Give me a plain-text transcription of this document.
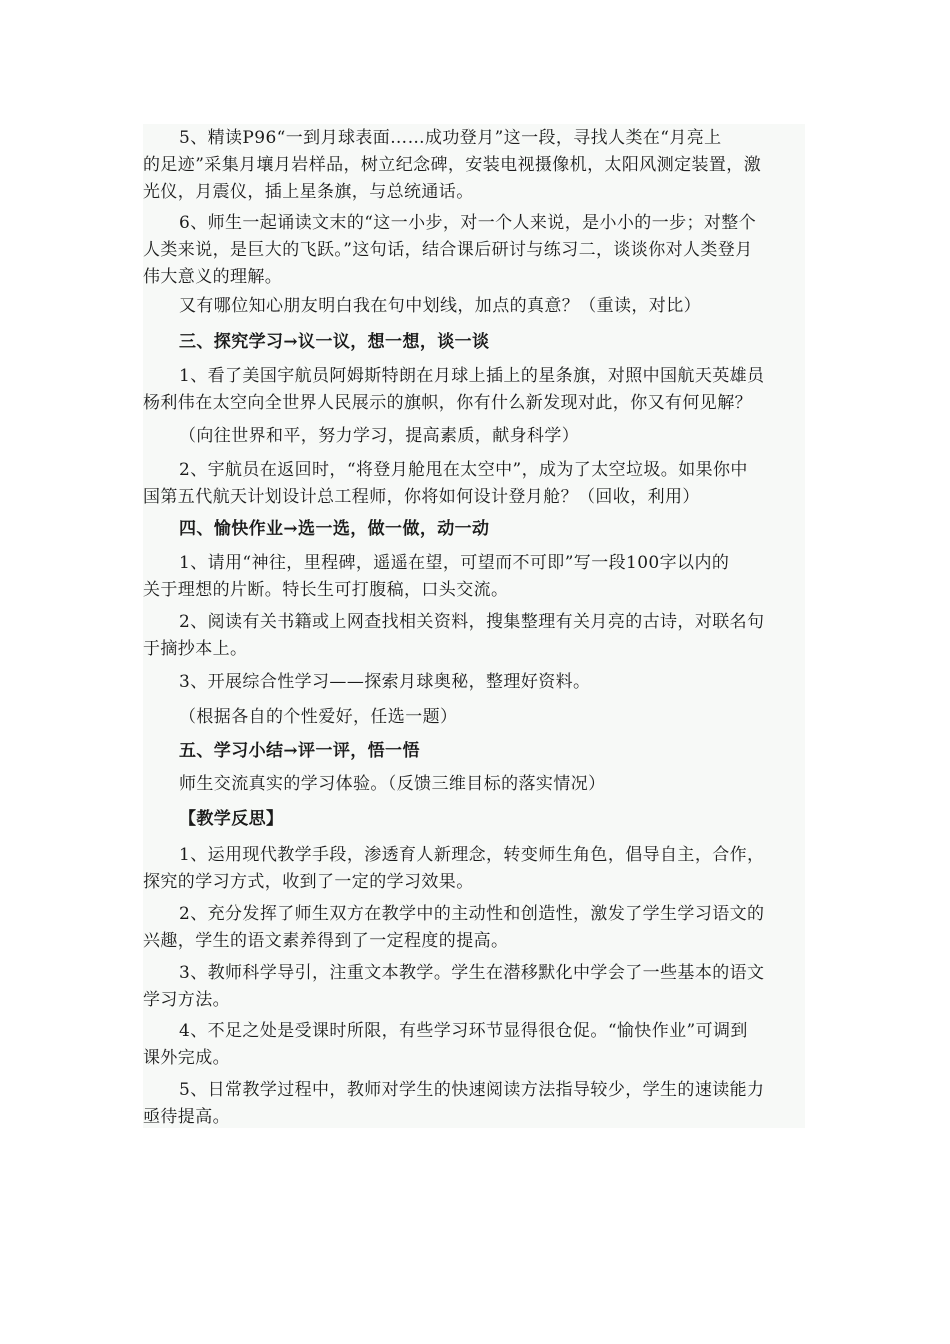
5、精读P96“一到月球表面……成功登月”这一段，寻找人类在“月亮上
的足迹”采集月壤月岩样品，树立纪念碑，安装电视摄像机，太阳风测定装置，激
光仪，月震仪，插上星条旗，与总统通话。
6、师生一起诵读文末的“这一小步，对一个人来说，是小小的一步；对整个
人类来说，是巨大的飞跃。”这句话，结合课后研讨与练习二，谈谈你对人类登月
伟大意义的理解。
又有哪位知心朋友明白我在句中划线，加点的真意？（重读，对比）
三、探究学习→议一议，想一想，谈一谈
1、看了美国宇航员阿姆斯特朗在月球上插上的星条旗，对照中国航天英雄员
杨利伟在太空向全世界人民展示的旗帜，你有什么新发现对此，你又有何见解？
（向往世界和平，努力学习，提高素质，献身科学）
2、宇航员在返回时，“将登月舱甩在太空中”，成为了太空垃圾。如果你中
国第五代航天计划设计总工程师，你将如何设计登月舱？（回收，利用）
四、愉快作业→选一选，做一做，动一动
1、请用“神往，里程碑，遥遥在望，可望而不可即”写一段100字以内的
关于理想的片断。特长生可打腹稿，口头交流。
2、阅读有关书籍或上网查找相关资料，搜集整理有关月亮的古诗，对联名句
于摘抄本上。
3、开展综合性学习——探索月球奥秘，整理好资料。
（根据各自的个性爱好，任选一题）
五、学习小结→评一评，悟一悟
师生交流真实的学习体验。（反馈三维目标的落实情况）
【教学反思】
1、运用现代教学手段，渗透育人新理念，转变师生角色，倡导自主，合作，
探究的学习方式，收到了一定的学习效果。
2、充分发挥了师生双方在教学中的主动性和创造性，激发了学生学习语文的
兴趣，学生的语文素养得到了一定程度的提高。
3、教师科学导引，注重文本教学。学生在潜移默化中学会了一些基本的语文
学习方法。
4、不足之处是受课时所限，有些学习环节显得很仓促。“愉快作业”可调到
课外完成。
5、日常教学过程中，教师对学生的快速阅读方法指导较少，学生的速读能力
亟待提高。
